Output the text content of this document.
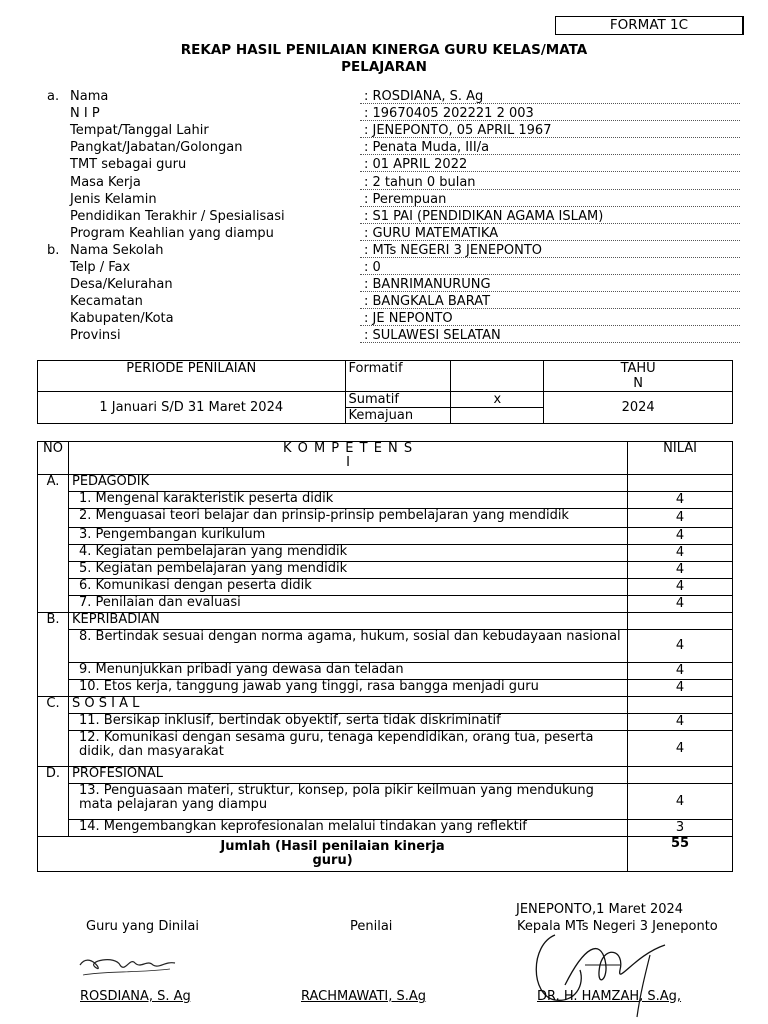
FORMAT 1C
REKAP HASIL PENILAIAN KINERGA GURU KELAS/MATA
PELAJARAN
a. Nama	: ROSDIANA, S. Ag
N I P	: 19670405 202221 2 003
Tempat/Tanggal Lahir	: JENEPONTO, 05 APRIL 1967
Pangkat/Jabatan/Golongan	: Penata Muda, III/a
TMT sebagai guru	: 01 APRIL 2022
Masa Kerja	: 2 tahun 0 bulan
Jenis Kelamin	: Perempuan
Pendidikan Terakhir / Spesialisasi	: S1 PAI (PENDIDIKAN AGAMA ISLAM)
Program Keahlian yang diampu	: GURU MATEMATIKA
b. Nama Sekolah	: MTs NEGERI 3 JENEPONTO
Telp / Fax	: 0
Desa/Kelurahan	: BANRIMANURUNG
Kecamatan	: BANGKALA BARAT
Kabupaten/Kota	: JE NEPONTO
Provinsi	: SULAWESI SELATAN
PERIODE PENILAIAN	Formatif		TAHU
N

1 Januari S/D 31 Maret 2024	Sumatif	x	2024
	Kemajuan		
NO	K O M P E T E N S
I	NILAI
A.	PEDAGODIK	
	1. Mengenal karakteristik peserta didik	4
	2. Menguasai teori belajar dan prinsip-prinsip pembelajaran yang mendidik	4
	3. Pengembangan kurikulum	4
	4. Kegiatan pembelajaran yang mendidik	4
	5. Kegiatan pembelajaran yang mendidik	4
	6. Komunikasi dengan peserta didik	4
	7. Penilaian dan evaluasi	4
B.	KEPRIBADIAN	
	8. Bertindak sesuai dengan norma agama, hukum, sosial dan kebudayaan nasional	4
	9. Menunjukkan pribadi yang dewasa dan teladan	4
	10. Etos kerja, tanggung jawab yang tinggi, rasa bangga menjadi guru	4
C.	S O S I A L	
	11. Bersikap inklusif, bertindak obyektif, serta tidak diskriminatif	4
	12. Komunikasi dengan sesama guru, tenaga kependidikan, orang tua, peserta didik, dan masyarakat	4
D.	PROFESIONAL	
	13. Penguasaan materi, struktur, konsep, pola pikir keilmuan yang mendukung mata pelajaran yang diampu	4
	14. Mengembangkan keprofesionalan melalui tindakan yang reflektif	3

Jumlah (Hasil penilaian kinerja
guru)		55
JENEPONTO,1 Maret 2024
Guru yang Dinilai	Penilai	Kepala MTs Negeri 3 Jeneponto
ROSDIANA, S. Ag	RACHMAWATI, S.Ag	DR. H. HAMZAH, S.Ag,
